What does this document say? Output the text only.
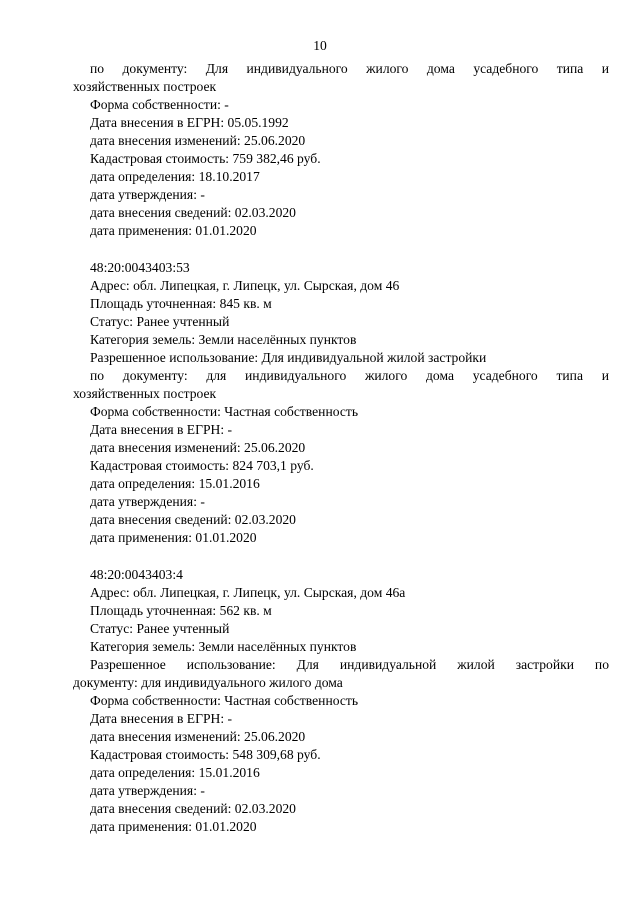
10
по документу: Для индивидуального жилого дома усадебного типа и
хозяйственных построек
Форма собственности: -
Дата внесения в ЕГРН: 05.05.1992
дата внесения изменений: 25.06.2020
Кадастровая стоимость: 759 382,46 руб.
дата определения: 18.10.2017
дата утверждения: -
дата внесения сведений: 02.03.2020
дата применения: 01.01.2020
48:20:0043403:53
Адрес: обл. Липецкая, г. Липецк, ул. Сырская, дом 46
Площадь уточненная: 845 кв. м
Статус: Ранее учтенный
Категория земель: Земли населённых пунктов
Разрешенное использование: Для индивидуальной жилой застройки
по документу: для индивидуального жилого дома усадебного типа и
хозяйственных построек
Форма собственности: Частная собственность
Дата внесения в ЕГРН: -
дата внесения изменений: 25.06.2020
Кадастровая стоимость: 824 703,1 руб.
дата определения: 15.01.2016
дата утверждения: -
дата внесения сведений: 02.03.2020
дата применения: 01.01.2020
48:20:0043403:4
Адрес: обл. Липецкая, г. Липецк, ул. Сырская, дом 46а
Площадь уточненная: 562 кв. м
Статус: Ранее учтенный
Категория земель: Земли населённых пунктов
Разрешенное использование: Для индивидуальной жилой застройки по
документу: для индивидуального жилого дома
Форма собственности: Частная собственность
Дата внесения в ЕГРН: -
дата внесения изменений: 25.06.2020
Кадастровая стоимость: 548 309,68 руб.
дата определения: 15.01.2016
дата утверждения: -
дата внесения сведений: 02.03.2020
дата применения: 01.01.2020
